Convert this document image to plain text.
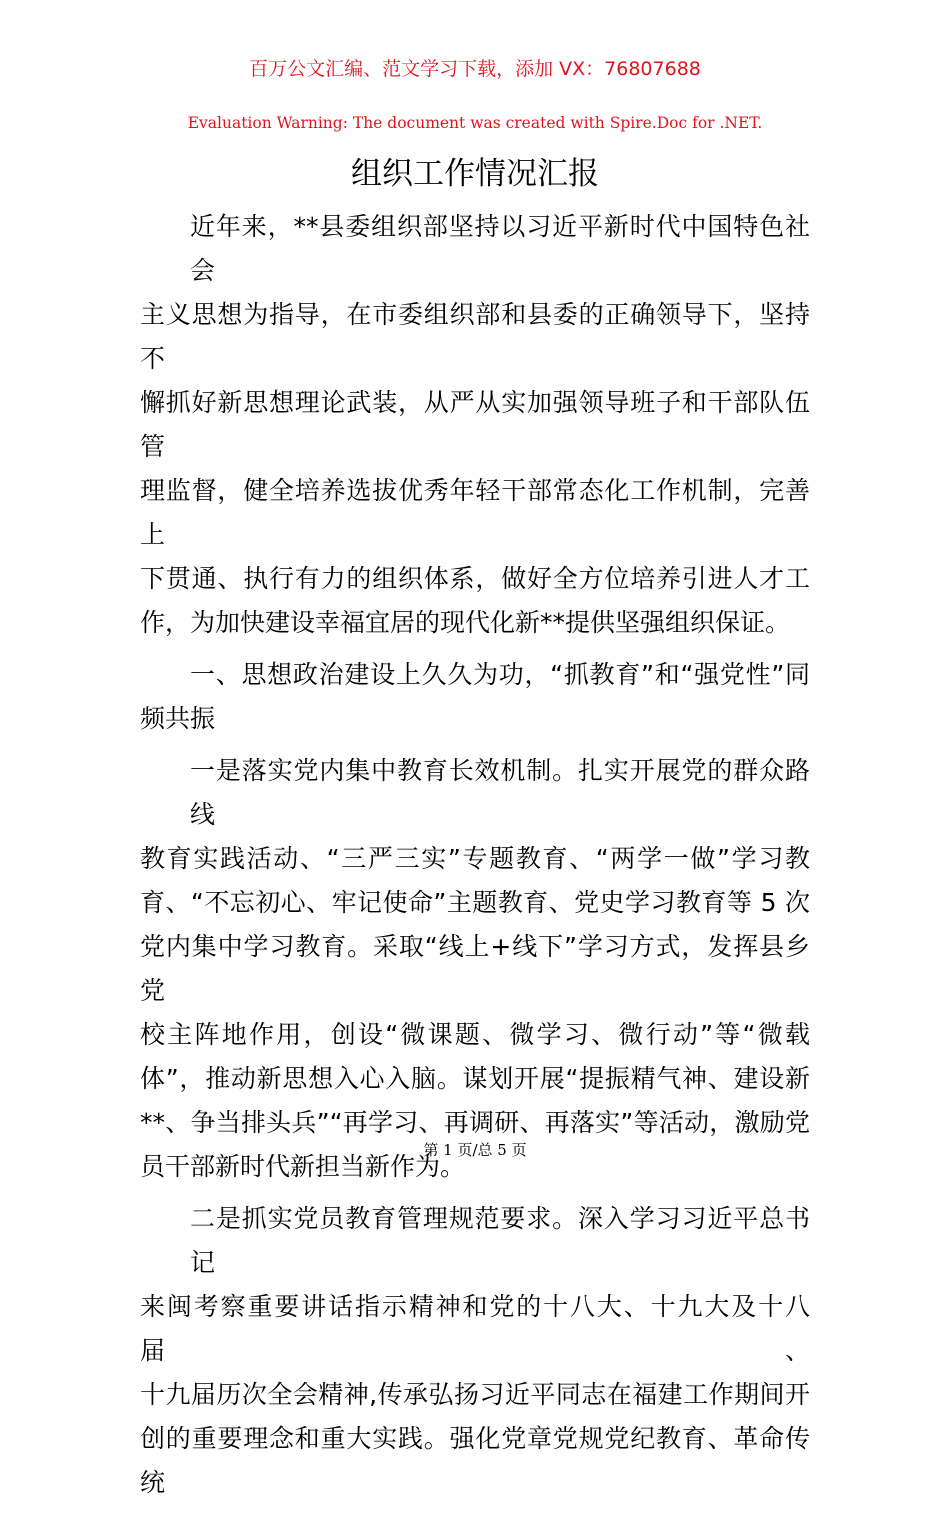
百万公文汇编、范文学习下载，添加 VX：76807688
Evaluation Warning: The document was created with Spire.Doc for .NET.
组织工作情况汇报
近年来，**县委组织部坚持以习近平新时代中国特色社会
主义思想为指导，在市委组织部和县委的正确领导下，坚持不
懈抓好新思想理论武装，从严从实加强领导班子和干部队伍管
理监督，健全培养选拔优秀年轻干部常态化工作机制，完善上
下贯通、执行有力的组织体系，做好全方位培养引进人才工
作，为加快建设幸福宜居的现代化新**提供坚强组织保证。
一、思想政治建设上久久为功，“抓教育”和“强党性”同
频共振
一是落实党内集中教育长效机制。扎实开展党的群众路线
教育实践活动、“三严三实”专题教育、“两学一做”学习教
育、“不忘初心、牢记使命”主题教育、党史学习教育等 5 次
党内集中学习教育。采取“线上+线下”学习方式，发挥县乡党
校主阵地作用，创设“微课题、微学习、微行动”等“微载
体”，推动新思想入心入脑。谋划开展“提振精气神、建设新
**、争当排头兵”“再学习、再调研、再落实”等活动，激励党
员干部新时代新担当新作为。
二是抓实党员教育管理规范要求。深入学习习近平总书记
来闽考察重要讲话指示精神和党的十八大、十九大及十八届、
十九届历次全会精神,传承弘扬习近平同志在福建工作期间开
创的重要理念和重大实践。强化党章党规党纪教育、革命传统
第 1 页/总 5 页
